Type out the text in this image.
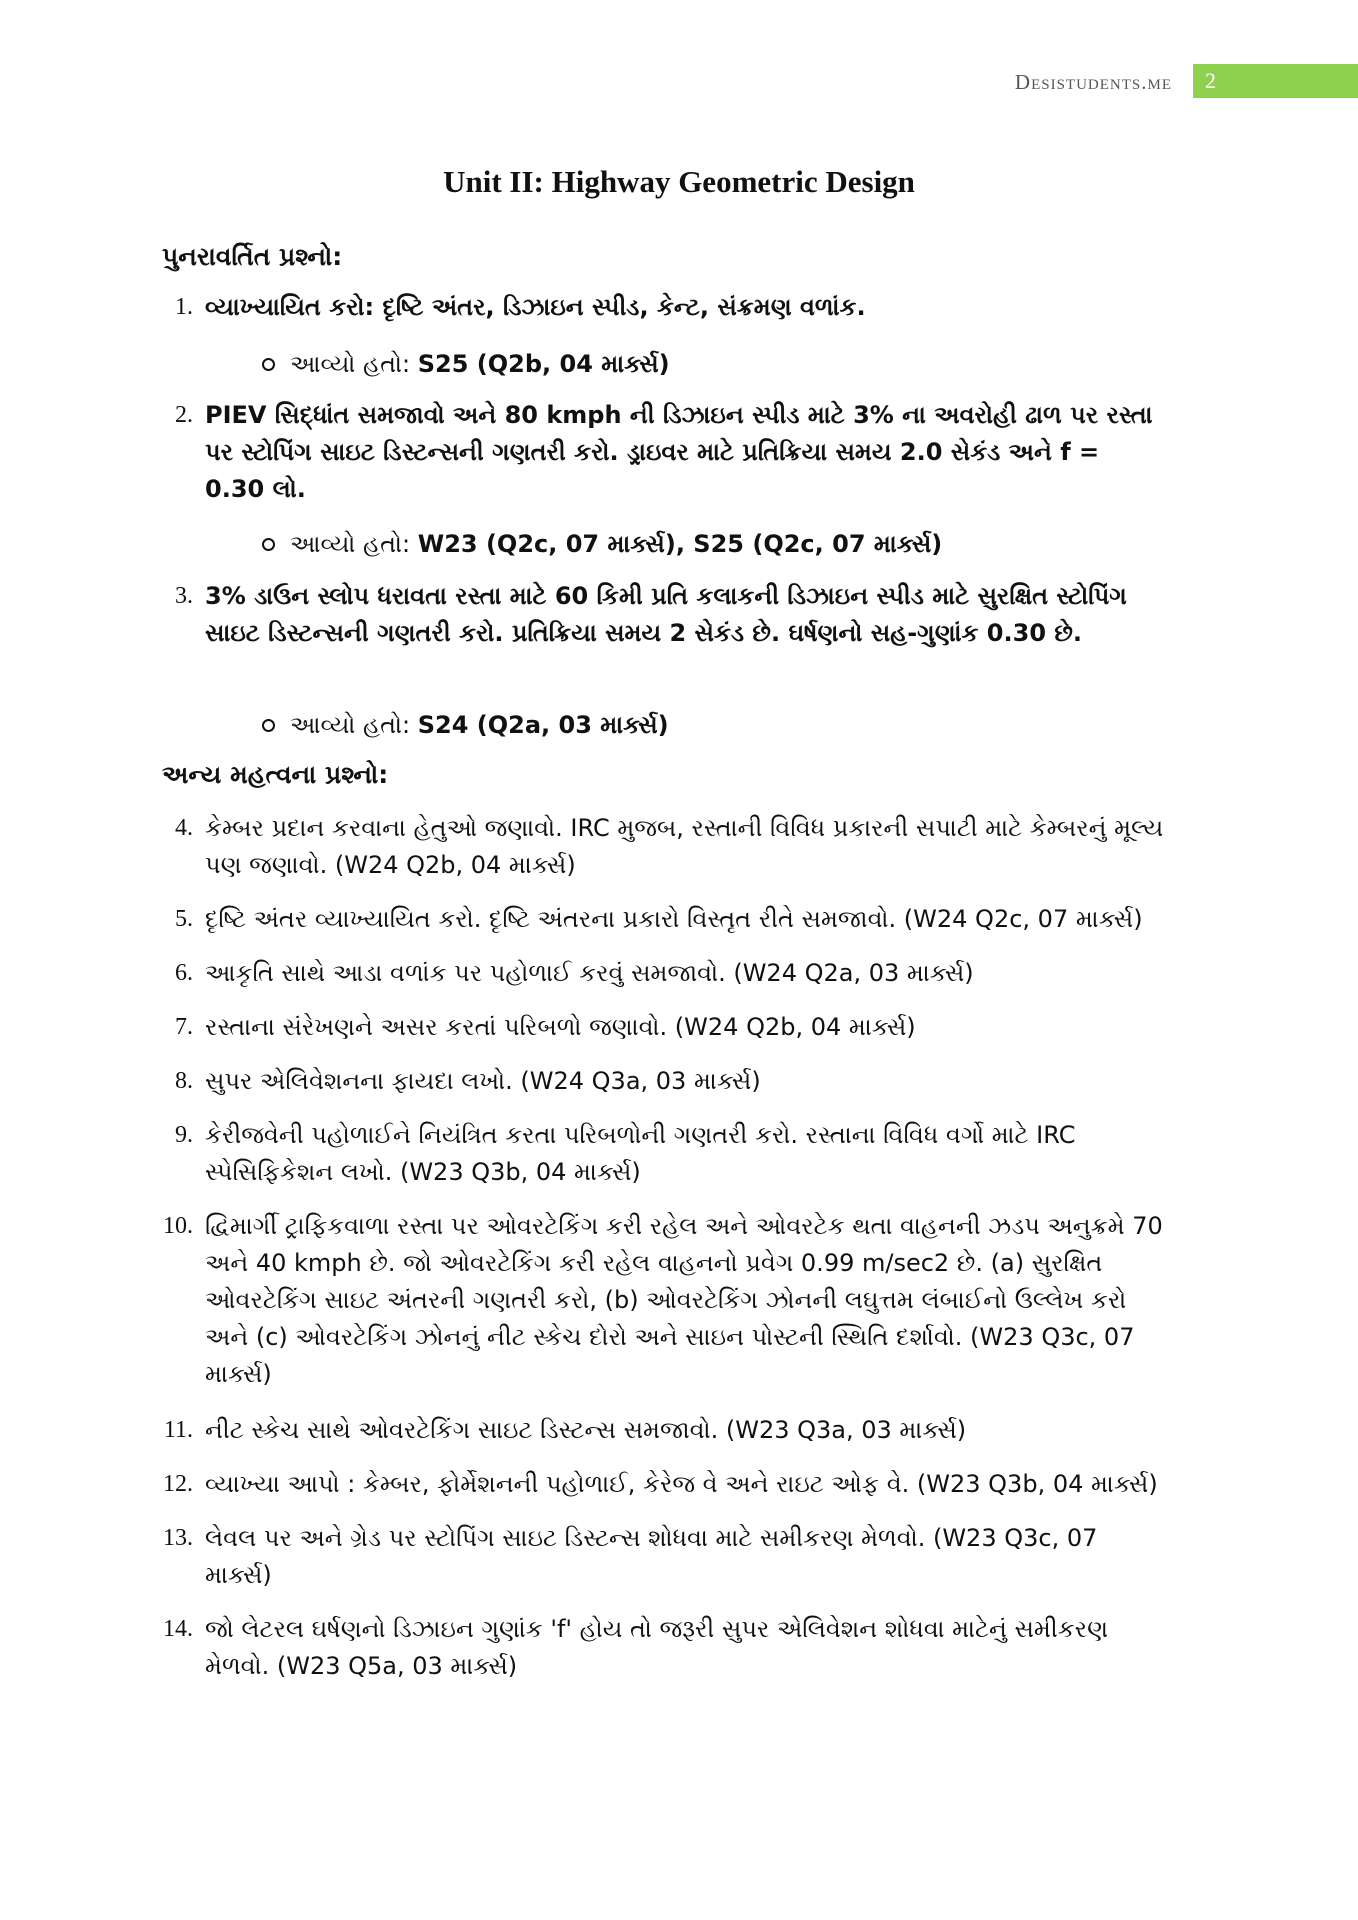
Desistudents.me	2
Unit II: Highway Geometric Design
પુનરાવર્તિત પ્રશ્નો:
1. વ્યાખ્યાયિત કરો: દૃષ્ટિ અંતર, ડિઝાઇન સ્પીડ, કેન્ટ, સંક્રમણ વળાંક.
આવ્યો હતો: S25 (Q2b, 04 માર્ક્સ)
2. PIEV સિદ્ધાંત સમજાવો અને 80 kmph ની ડિઝાઇન સ્પીડ માટે 3% ના અવરોહી ઢાળ પર રસ્તા પર સ્ટોપિંગ સાઇટ ડિસ્ટન્સની ગણતરી કરો. ડ્રાઇવર માટે પ્રતિક્રિયા સમય 2.0 સેકંડ અને f = 0.30 લો.
આવ્યો હતો: W23 (Q2c, 07 માર્ક્સ), S25 (Q2c, 07 માર્ક્સ)
3. 3% ડાઉન સ્લોપ ધરાવતા રસ્તા માટે 60 કિમી પ્રતિ કલાકની ડિઝાઇન સ્પીડ માટે સુરક્ષિત સ્ટોપિંગ સાઇટ ડિસ્ટન્સની ગણતરી કરો. પ્રતિક્રિયા સમય 2 સેકંડ છે. ઘર્ષણનો સહ-ગુણાંક 0.30 છે.
આવ્યો હતો: S24 (Q2a, 03 માર્ક્સ)
અન્ય મહત્વના પ્રશ્નો:
4. કેમ્બર પ્રદાન કરવાના હેતુઓ જણાવો. IRC મુજબ, રસ્તાની વિવિધ પ્રકારની સપાટી માટે કેમ્બરનું મૂલ્ય પણ જણાવો. (W24 Q2b, 04 માર્ક્સ)
5. દૃષ્ટિ અંતર વ્યાખ્યાયિત કરો. દૃષ્ટિ અંતરના પ્રકારો વિસ્તૃત રીતે સમજાવો. (W24 Q2c, 07 માર્ક્સ)
6. આકૃતિ સાથે આડા વળાંક પર પહોળાઈ કરવું સમજાવો. (W24 Q2a, 03 માર્ક્સ)
7. રસ્તાના સંરેખણને અસર કરતાં પરિબળો જણાવો. (W24 Q2b, 04 માર્ક્સ)
8. સુપર એલિવેશનના ફાયદા લખો. (W24 Q3a, 03 માર્ક્સ)
9. કેરીજવેની પહોળાઈને નિયંત્રિત કરતા પરિબળોની ગણતરી કરો. રસ્તાના વિવિધ વર્ગો માટે IRC સ્પેસિફિકેશન લખો. (W23 Q3b, 04 માર્ક્સ)
10. દ્વિમાર્ગી ટ્રાફિકવાળા રસ્તા પર ઓવરટેકિંગ કરી રહેલ અને ઓવરટેક થતા વાહનની ઝડપ અનુક્રમે 70 અને 40 kmph છે. જો ઓવરટેકિંગ કરી રહેલ વાહનનો પ્રવેગ 0.99 m/sec2 છે. (a) સુરક્ષિત ઓવરટેકિંગ સાઇટ અંતરની ગણતરી કરો, (b) ઓવરટેકિંગ ઝોનની લઘુત્તમ લંબાઈનો ઉલ્લેખ કરો અને (c) ઓવરટેકિંગ ઝોનનું નીટ સ્કેચ દોરો અને સાઇન પોસ્ટની સ્થિતિ દર્શાવો. (W23 Q3c, 07 માર્ક્સ)
11. નીટ સ્કેચ સાથે ઓવરટેકિંગ સાઇટ ડિસ્ટન્સ સમજાવો. (W23 Q3a, 03 માર્ક્સ)
12. વ્યાખ્યા આપો : કેમ્બર, ફોર્મેશનની પહોળાઈ, કેરેજ વે અને રાઇટ ઓફ વે. (W23 Q3b, 04 માર્ક્સ)
13. લેવલ પર અને ગ્રેડ પર સ્ટોપિંગ સાઇટ ડિસ્ટન્સ શોધવા માટે સમીકરણ મેળવો. (W23 Q3c, 07 માર્ક્સ)
14. જો લેટરલ ઘર્ષણનો ડિઝાઇન ગુણાંક 'f' હોય તો જરૂરી સુપર એલિવેશન શોધવા માટેનું સમીકરણ મેળવો. (W23 Q5a, 03 માર્ક્સ)
